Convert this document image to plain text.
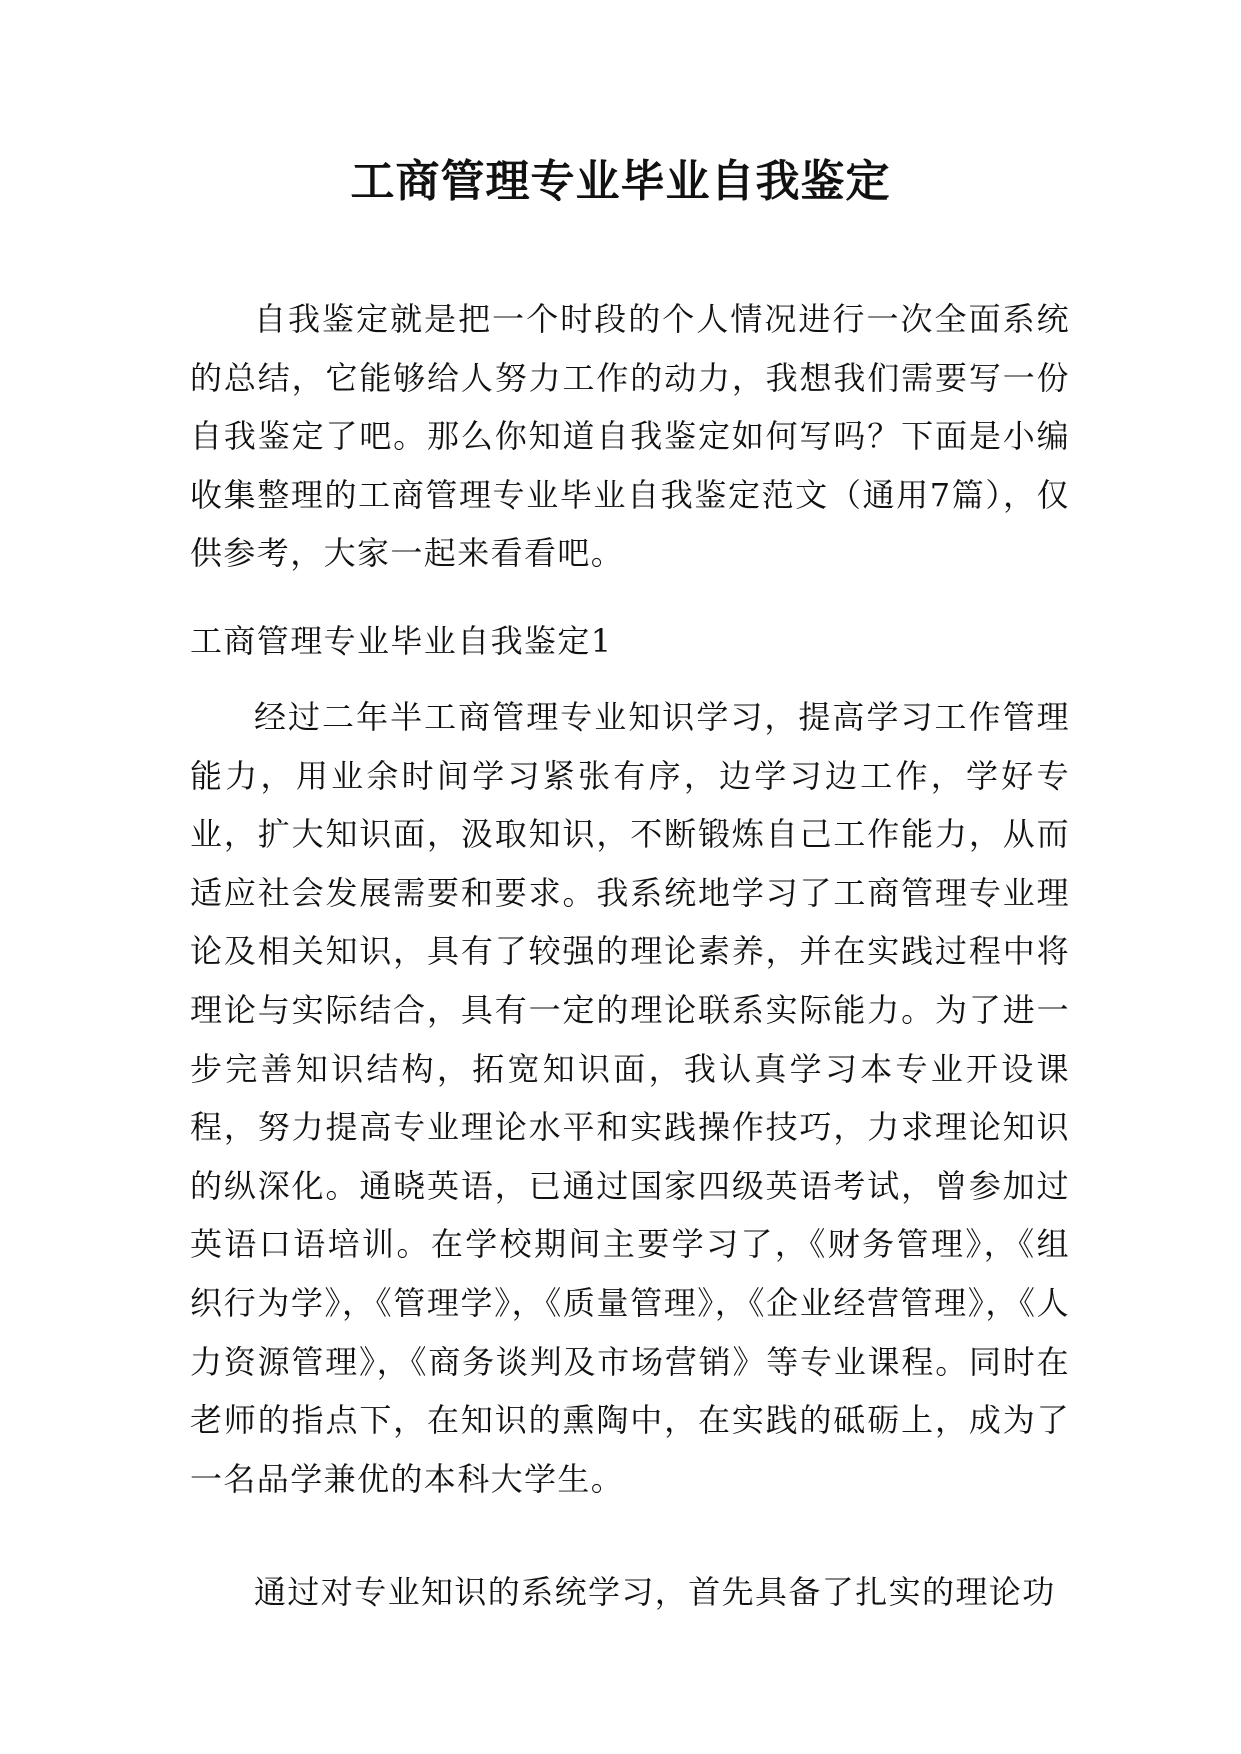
工商管理专业毕业自我鉴定

自我鉴定就是把一个时段的个人情况进行一次全面系统的总结，它能够给人努力工作的动力，我想我们需要写一份自我鉴定了吧。那么你知道自我鉴定如何写吗？下面是小编收集整理的工商管理专业毕业自我鉴定范文（通用7篇），仅供参考，大家一起来看看吧。

工商管理专业毕业自我鉴定1

经过二年半工商管理专业知识学习，提高学习工作管理能力，用业余时间学习紧张有序，边学习边工作，学好专业，扩大知识面，汲取知识，不断锻炼自己工作能力，从而适应社会发展需要和要求。我系统地学习了工商管理专业理论及相关知识，具有了较强的理论素养，并在实践过程中将理论与实际结合，具有一定的理论联系实际能力。为了进一步完善知识结构，拓宽知识面，我认真学习本专业开设课程，努力提高专业理论水平和实践操作技巧，力求理论知识的纵深化。通晓英语，已通过国家四级英语考试，曾参加过英语口语培训。在学校期间主要学习了，《财务管理》，《组织行为学》，《管理学》，《质量管理》，《企业经营管理》，《人力资源管理》，《商务谈判及市场营销》等专业课程。同时在老师的指点下，在知识的熏陶中，在实践的砥砺上，成为了一名品学兼优的本科大学生。

通过对专业知识的系统学习，首先具备了扎实的理论功
